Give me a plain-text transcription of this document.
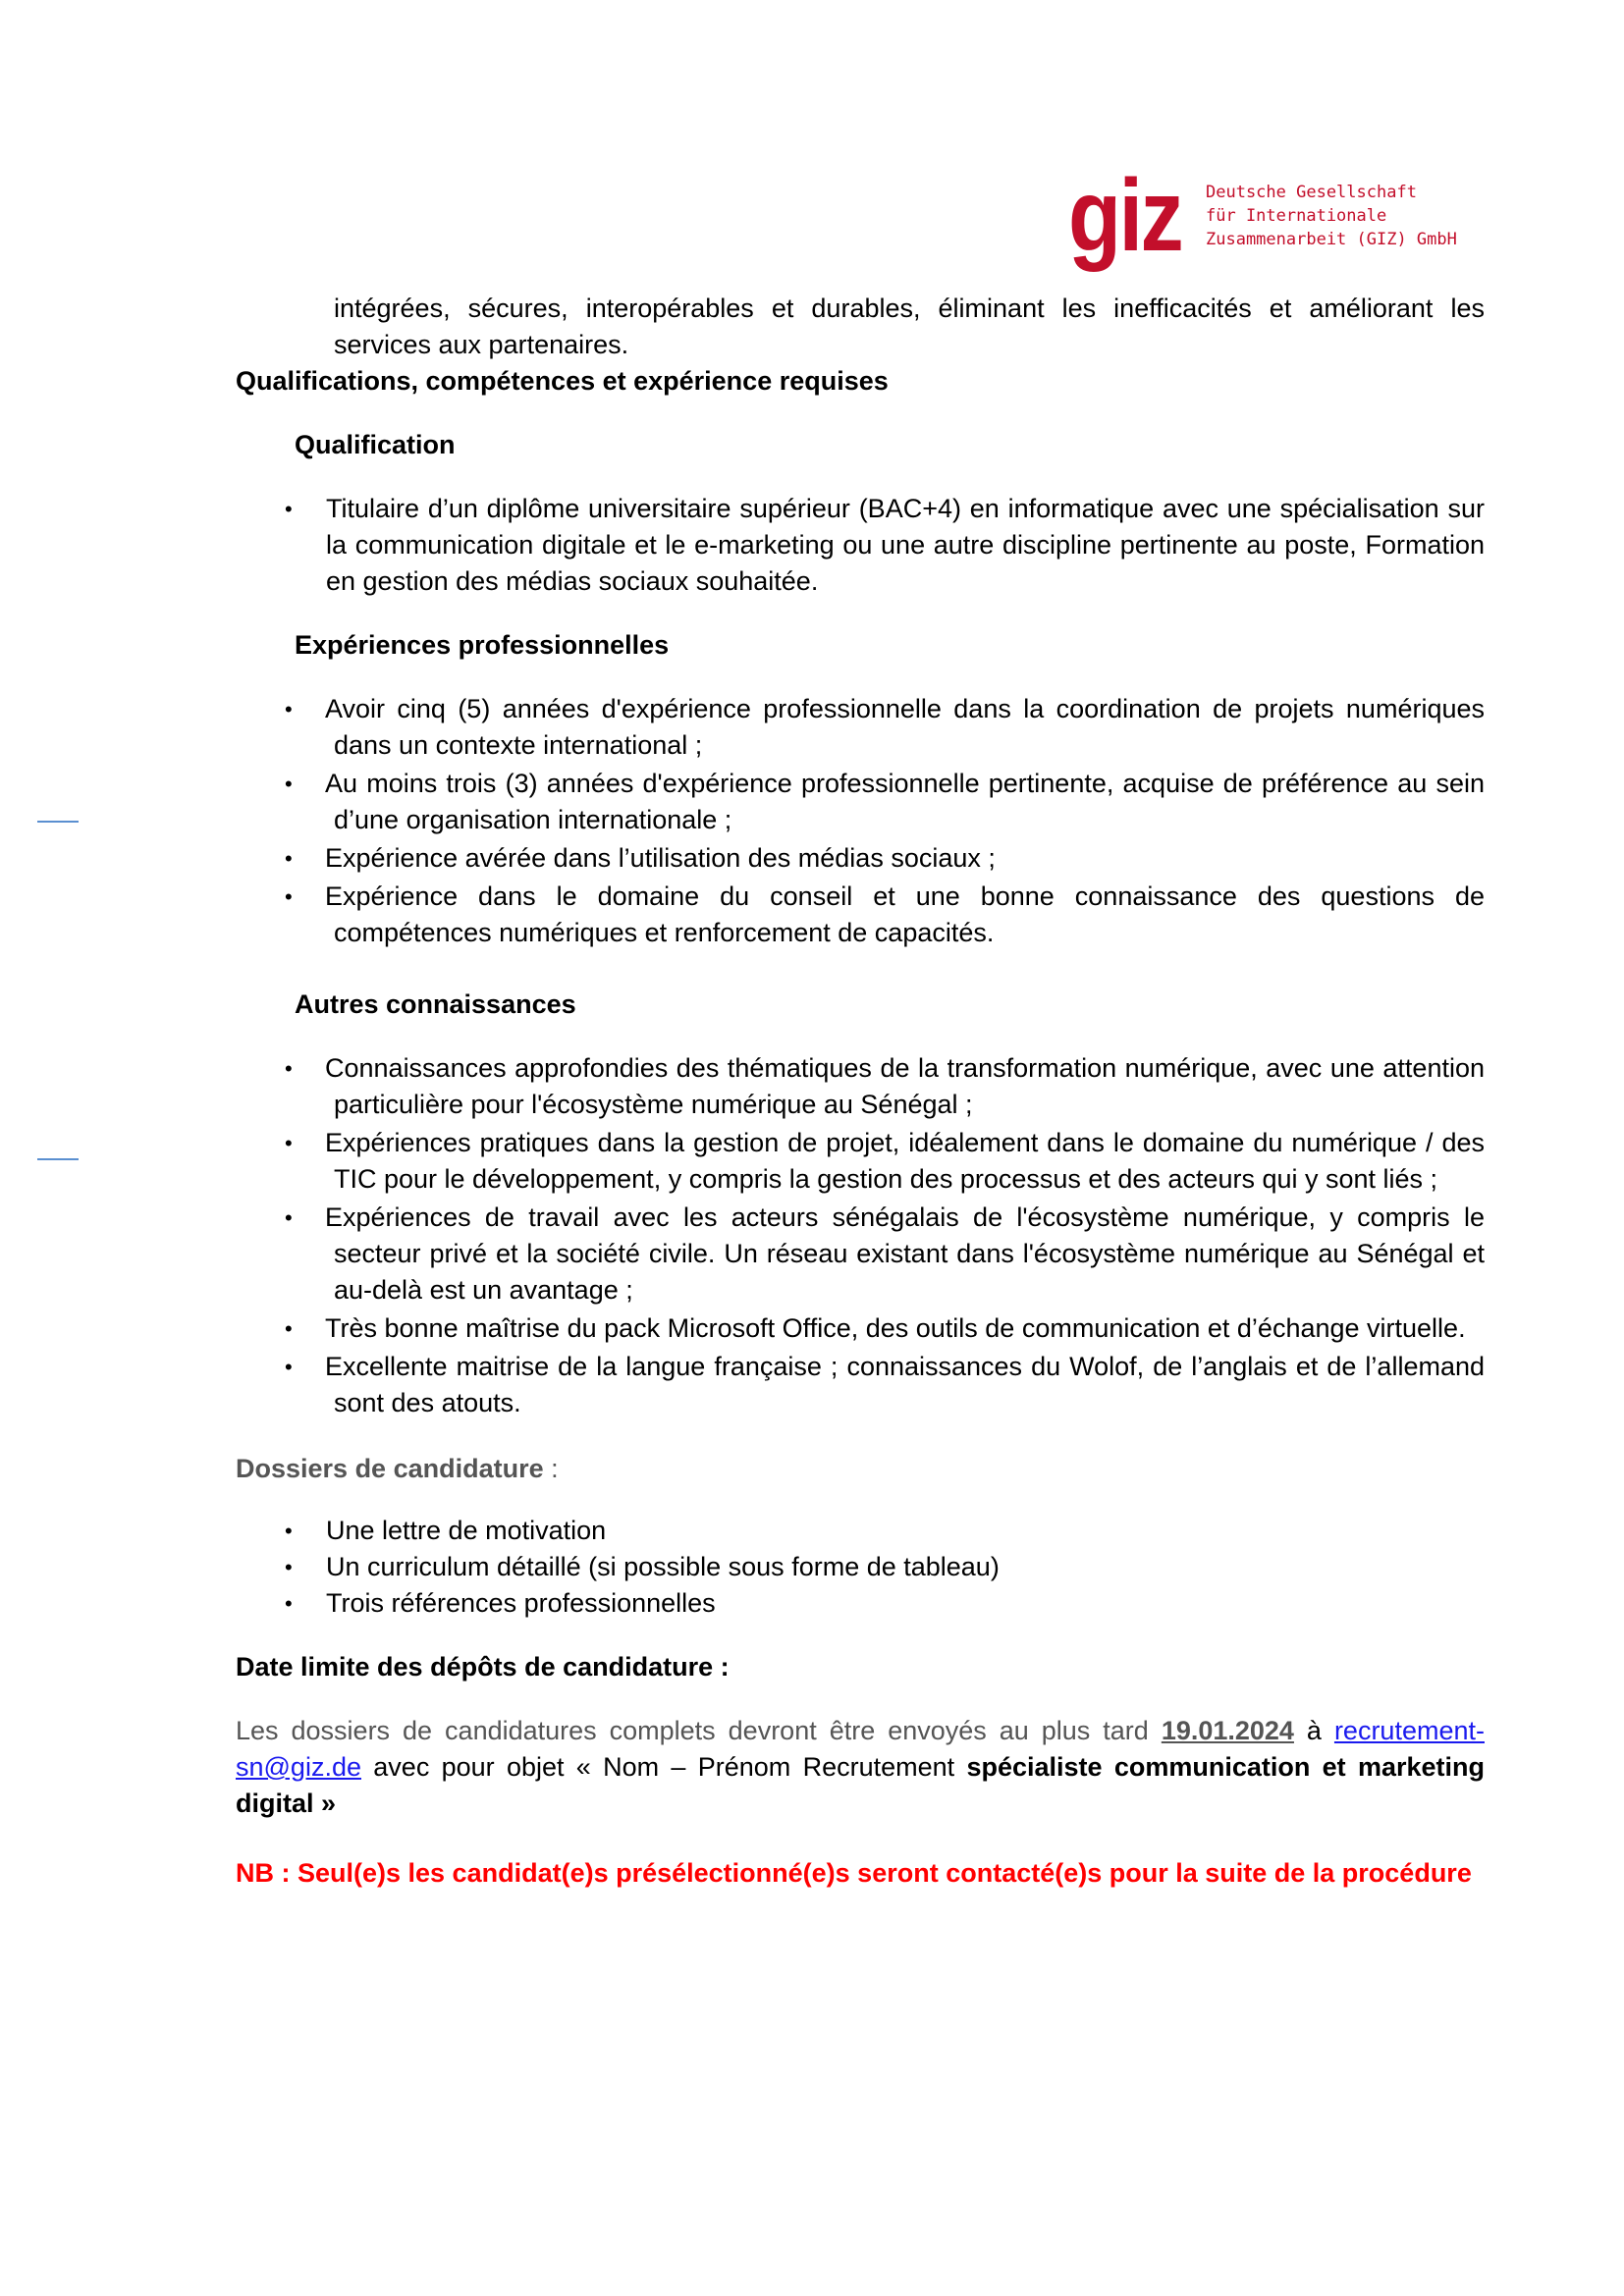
giz Deutsche Gesellschaft
für Internationale
Zusammenarbeit (GIZ) GmbH
intégrées, sécures, interopérables et durables, éliminant les inefficacités et améliorant les services aux partenaires.
Qualifications, compétences et expérience requises
Qualification
• Titulaire d’un diplôme universitaire supérieur (BAC+4) en informatique avec une spécialisation sur la communication digitale et le e-marketing ou une autre discipline pertinente au poste, Formation en gestion des médias sociaux souhaitée.
Expériences professionnelles
• Avoir cinq (5) années d'expérience professionnelle dans la coordination de projets numériques dans un contexte international ;
• Au moins trois (3) années d'expérience professionnelle pertinente, acquise de préférence au sein d’une organisation internationale ;
• Expérience avérée dans l’utilisation des médias sociaux ;
• Expérience dans le domaine du conseil et une bonne connaissance des questions de compétences numériques et renforcement de capacités.
Autres connaissances
• Connaissances approfondies des thématiques de la transformation numérique, avec une attention particulière pour l'écosystème numérique au Sénégal ;
• Expériences pratiques dans la gestion de projet, idéalement dans le domaine du numérique / des TIC pour le développement, y compris la gestion des processus et des acteurs qui y sont liés ;
• Expériences de travail avec les acteurs sénégalais de l'écosystème numérique, y compris le secteur privé et la société civile. Un réseau existant dans l'écosystème numérique au Sénégal et au-delà est un avantage ;
• Très bonne maîtrise du pack Microsoft Office, des outils de communication et d’échange virtuelle.
• Excellente maitrise de la langue française ; connaissances du Wolof, de l’anglais et de l’allemand sont des atouts.
Dossiers de candidature :
• Une lettre de motivation
• Un curriculum détaillé (si possible sous forme de tableau)
• Trois références professionnelles
Date limite des dépôts de candidature :
Les dossiers de candidatures complets devront être envoyés au plus tard 19.01.2024 à recrutement-sn@giz.de avec pour objet « Nom – Prénom Recrutement spécialiste communication et marketing digital »
NB : Seul(e)s les candidat(e)s présélectionné(e)s seront contacté(e)s pour la suite de la procédure
